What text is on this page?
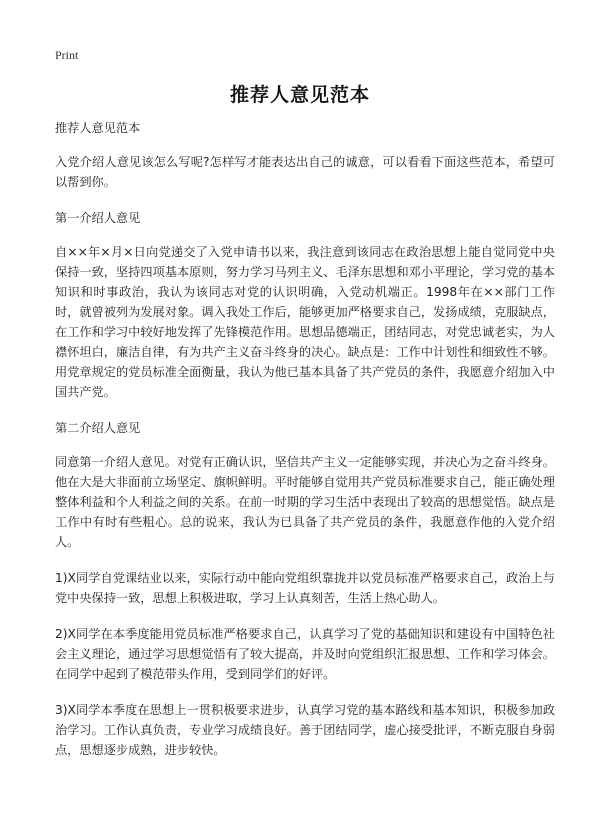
Print
推荐人意见范本

推荐人意见范本

入党介绍人意见该怎么写呢?怎样写才能表达出自己的诚意，可以看看下面这些范本，希望可以帮到你。

第一介绍人意见

自××年×月×日向党递交了入党申请书以来，我注意到该同志在政治思想上能自觉同党中央保持一致，坚持四项基本原则，努力学习马列主义、毛泽东思想和邓小平理论，学习党的基本知识和时事政治，我认为该同志对党的认识明确，入党动机端正。1998年在××部门工作时，就曾被列为发展对象。调入我处工作后，能够更加严格要求自己，发扬成绩，克服缺点，在工作和学习中较好地发挥了先锋模范作用。思想品德端正，团结同志，对党忠诚老实，为人襟怀坦白，廉洁自律，有为共产主义奋斗终身的决心。缺点是：工作中计划性和细致性不够。用党章规定的党员标准全面衡量，我认为他已基本具备了共产党员的条件，我愿意介绍加入中国共产党。

第二介绍人意见

同意第一介绍人意见。对党有正确认识，坚信共产主义一定能够实现，并决心为之奋斗终身。他在大是大非面前立场坚定、旗帜鲜明。平时能够自觉用共产党员标准要求自己，能正确处理整体利益和个人利益之间的关系。在前一时期的学习生活中表现出了较高的思想觉悟。缺点是工作中有时有些粗心。总的说来，我认为已具备了共产党员的条件，我愿意作他的入党介绍人。

1)X同学自党课结业以来，实际行动中能向党组织靠拢并以党员标准严格要求自己，政治上与党中央保持一致，思想上积极进取，学习上认真刻苦，生活上热心助人。

2)X同学在本季度能用党员标准严格要求自己，认真学习了党的基础知识和建设有中国特色社会主义理论，通过学习思想觉悟有了较大提高，并及时向党组织汇报思想、工作和学习体会。在同学中起到了模范带头作用，受到同学们的好评。

3)X同学本季度在思想上一贯积极要求进步，认真学习党的基本路线和基本知识，积极参加政治学习。工作认真负责，专业学习成绩良好。善于团结同学，虚心接受批评，不断克服自身弱点，思想逐步成熟，进步较快。
